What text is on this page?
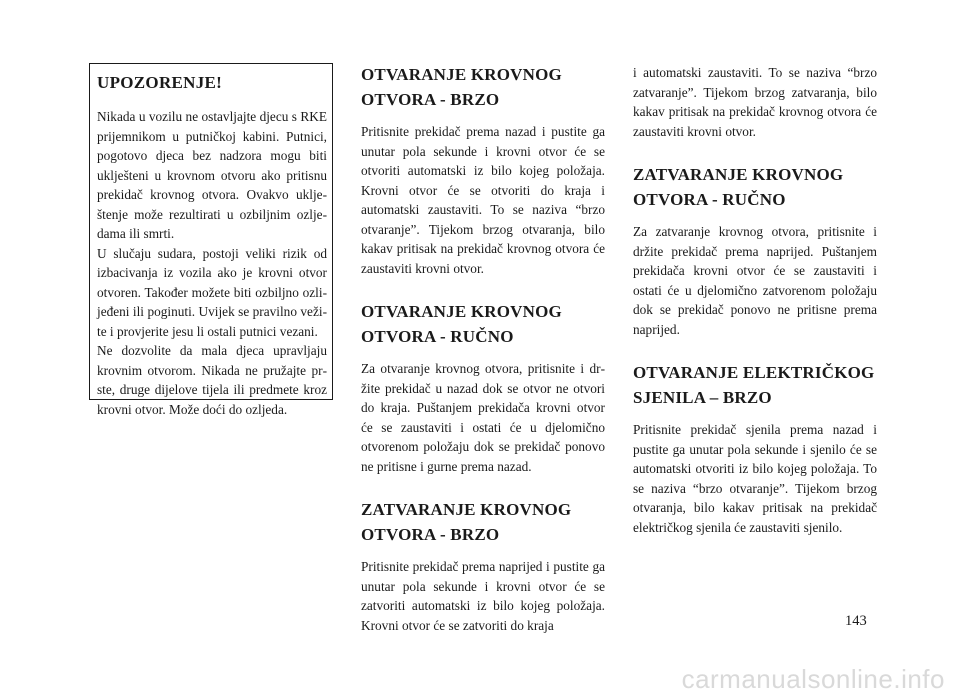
UPOZORENJE!

Nikada u vozilu ne ostavljajte djecu s RKE prijemnikom u putničkoj kabini. Putnici, pogotovo djeca bez nadzora mogu biti uklješteni u krovnom otvoru ako pritisnu prekidač krovnog otvora. Ovakvo uklještenje može rezultirati u ozbiljnim ozljedama ili smrti.

U slučaju sudara, postoji veliki rizik od izbacivanja iz vozila ako je krovni otvor otvoren. Također možete biti ozbiljno ozlijeđeni ili poginuti. Uvijek se pravilno vežite i provjerite jesu li ostali putnici vezani.

Ne dozvolite da mala djeca upravljaju krovnim otvorom. Nikada ne pružajte prste, druge dijelove tijela ili predmete kroz krovni otvor. Može doći do ozljeda.

OTVARANJE KROVNOG
OTVORA - BRZO

Pritisnite prekidač prema nazad i pustite ga unutar pola sekunde i krovni otvor će se otvoriti automatski iz bilo kojeg položaja. Krovni otvor će se otvoriti do kraja i automatski zaustaviti. To se naziva “brzo otvaranje”. Tijekom brzog otvaranja, bilo kakav pritisak na prekidač krovnog otvora će zaustaviti krovni otvor.

OTVARANJE KROVNOG
OTVORA - RUČNO

Za otvaranje krovnog otvora, pritisnite i držite prekidač u nazad dok se otvor ne otvori do kraja. Puštanjem prekidača krovni otvor će se zaustaviti i ostati će u djelomično otvorenom položaju dok se prekidač ponovo ne pritisne i gurne prema nazad.

ZATVARANJE KROVNOG
OTVORA - BRZO

Pritisnite prekidač prema naprijed i pustite ga unutar pola sekunde i krovni otvor će se zatvoriti automatski iz bilo kojeg položaja. Krovni otvor će se zatvoriti do kraja

i automatski zaustaviti. To se naziva “brzo zatvaranje”. Tijekom brzog zatvaranja, bilo kakav pritisak na prekidač krovnog otvora će zaustaviti krovni otvor.

ZATVARANJE KROVNOG
OTVORA - RUČNO

Za zatvaranje krovnog otvora, pritisnite i držite prekidač prema naprijed. Puštanjem prekidača krovni otvor će se zaustaviti i ostati će u djelomično zatvorenom položaju dok se prekidač ponovo ne pritisne prema naprijed.

OTVARANJE ELEKTRIČKOG
SJENILA – BRZO

Pritisnite prekidač sjenila prema nazad i pustite ga unutar pola sekunde i sjenilo će se automatski otvoriti iz bilo kojeg položaja. To se naziva “brzo otvaranje”. Tijekom brzog otvaranja, bilo kakav pritisak na prekidač električkog sjenila će zaustaviti sjenilo.

143
carmanualsonline.info
